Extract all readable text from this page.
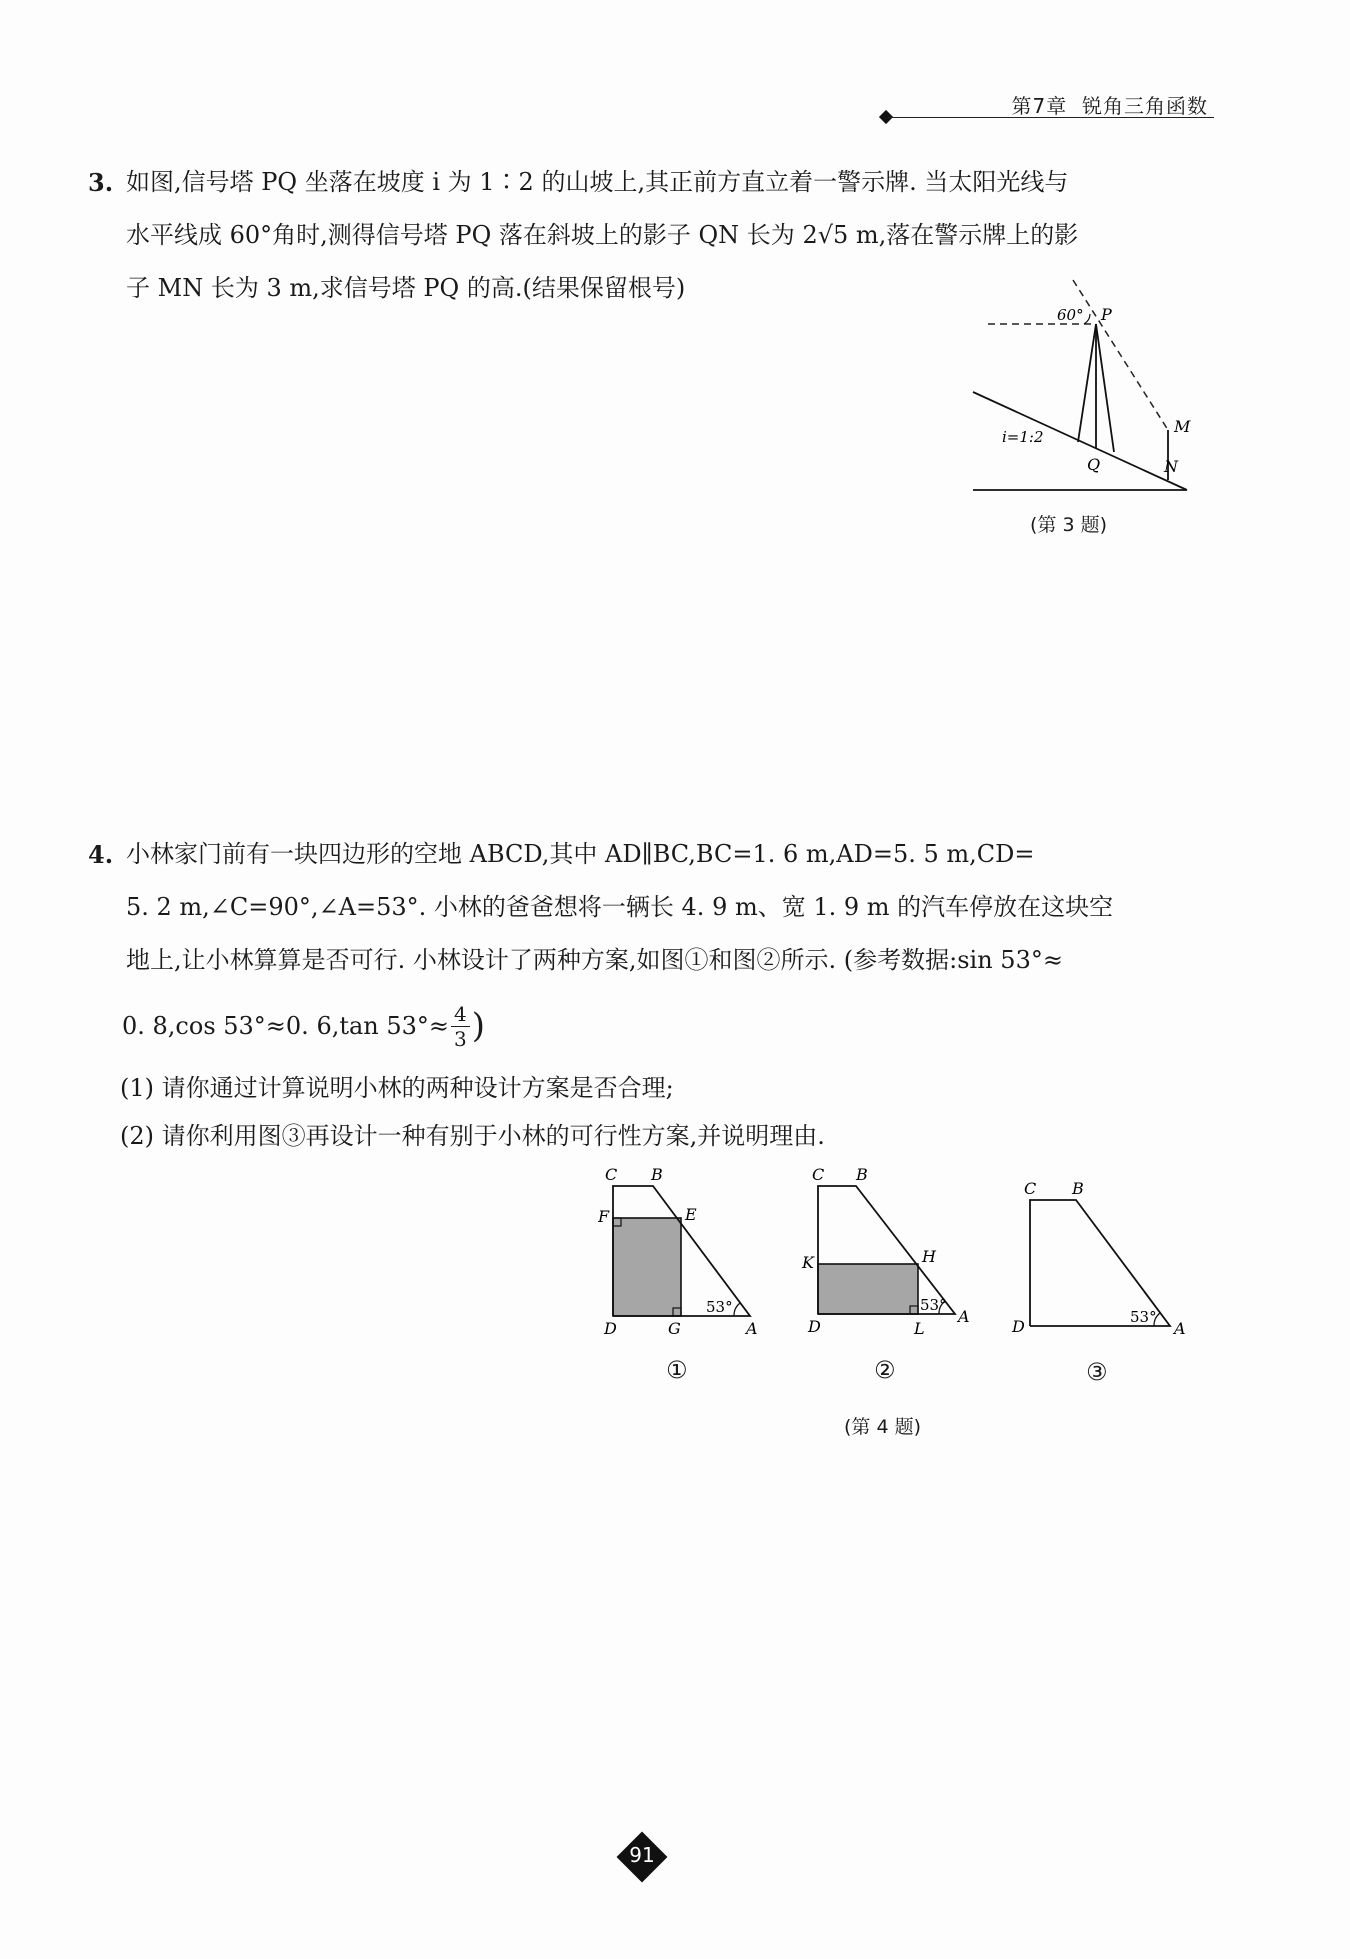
第7章 锐角三角函数
3. 如图,信号塔 PQ 坐落在坡度 i 为 1∶2 的山坡上,其正前方直立着一警示牌. 当太阳光线与
水平线成 60°角时,测得信号塔 PQ 落在斜坡上的影子 QN 长为 2√5 m,落在警示牌上的影
子 MN 长为 3 m,求信号塔 PQ 的高.(结果保留根号)
60° P
Q
M
N
i=1:2
(第 3 题)
4. 小林家门前有一块四边形的空地 ABCD,其中 AD∥BC,BC=1. 6 m,AD=5. 5 m,CD=
5. 2 m,∠C=90°,∠A=53°. 小林的爸爸想将一辆长 4. 9 m、宽 1. 9 m 的汽车停放在这块空
地上,让小林算算是否可行. 小林设计了两种方案,如图①和图②所示. (参考数据:sin 53°≈
0. 8,cos 53°≈0. 6,tan $53^\circ\approx \frac{4}{3}$ )
(1) 请你通过计算说明小林的两种设计方案是否合理;
(2) 请你利用图③再设计一种有别于小林的可行性方案,并说明理由.
53°
C B
F	E
D	G	A
①
53°
C B
K	H
D	L
A
②
53°
C B
D	A
③
(第 4 题)
91
